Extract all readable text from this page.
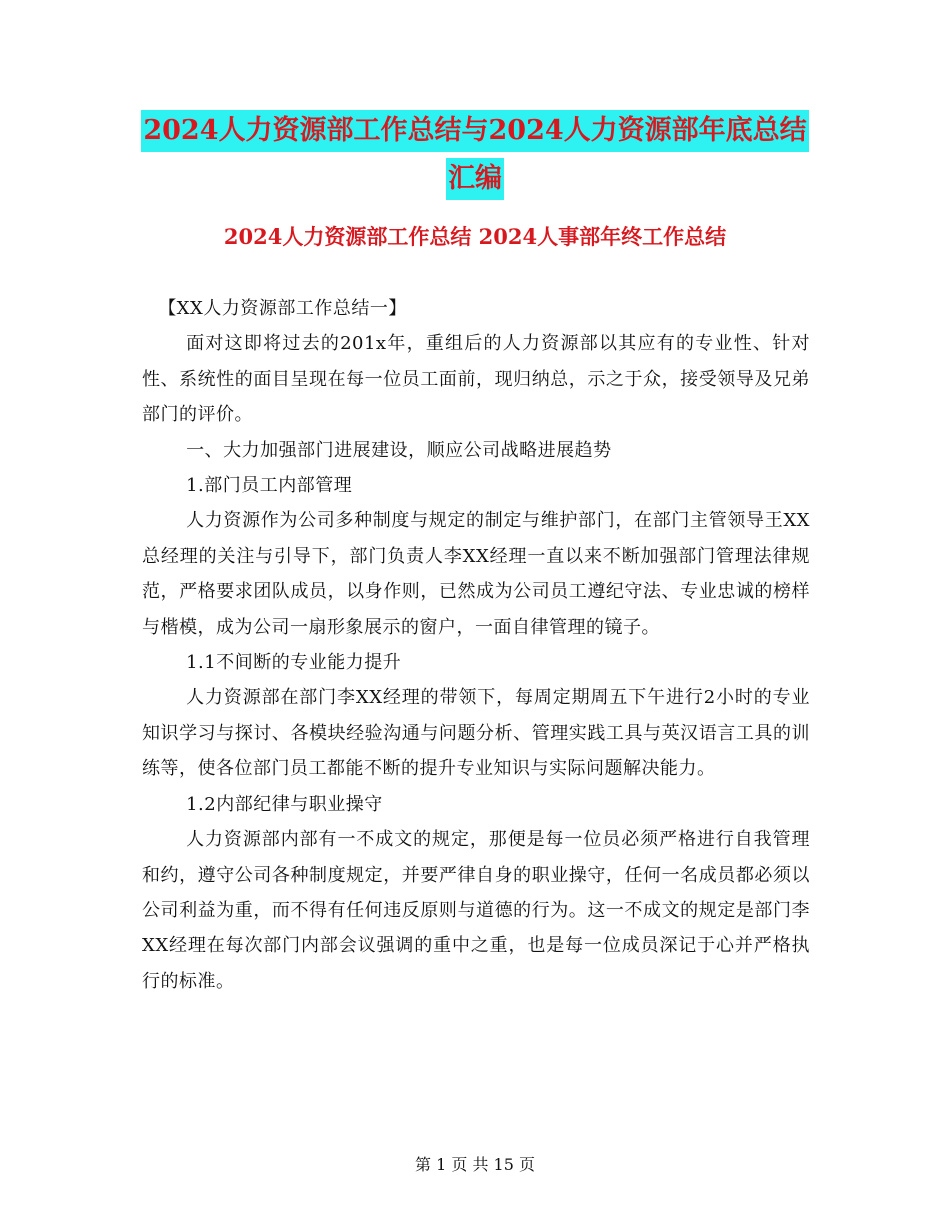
2024人力资源部工作总结与2024人力资源部年底总结
汇编
2024人力资源部工作总结 2024人事部年终工作总结

【XX人力资源部工作总结一】

面对这即将过去的201x年，重组后的人力资源部以其应有的专业性、针对性、系统性的面目呈现在每一位员工面前，现归纳总，示之于众，接受领导及兄弟部门的评价。

一、大力加强部门进展建设，顺应公司战略进展趋势

1.部门员工内部管理

人力资源作为公司多种制度与规定的制定与维护部门，在部门主管领导王XX总经理的关注与引导下，部门负责人李XX经理一直以来不断加强部门管理法律规范，严格要求团队成员，以身作则，已然成为公司员工遵纪守法、专业忠诚的榜样与楷模，成为公司一扇形象展示的窗户，一面自律管理的镜子。

1.1不间断的专业能力提升

人力资源部在部门李XX经理的带领下，每周定期周五下午进行2小时的专业知识学习与探讨、各模块经验沟通与问题分析、管理实践工具与英汉语言工具的训练等，使各位部门员工都能不断的提升专业知识与实际问题解决能力。

1.2内部纪律与职业操守

人力资源部内部有一不成文的规定，那便是每一位员必须严格进行自我管理和约，遵守公司各种制度规定，并要严律自身的职业操守，任何一名成员都必须以公司利益为重，而不得有任何违反原则与道德的行为。这一不成文的规定是部门李XX经理在每次部门内部会议强调的重中之重，也是每一位成员深记于心并严格执行的标准。

第 1 页 共 15 页
